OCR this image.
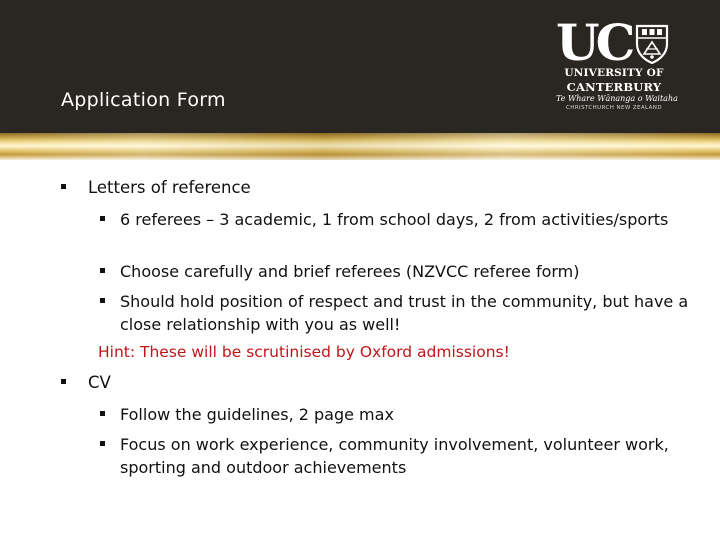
Application Form
UC
UNIVERSITY OF
CANTERBURY
Te Whare Wānanga o Waitaha
CHRISTCHURCH NEW ZEALAND
Letters of reference
6 referees – 3 academic, 1 from school days, 2 from activities/sports
Choose carefully and brief referees (NZVCC referee form)
Should hold position of respect and trust in the community, but have a close relationship with you as well!
Hint: These will be scrutinised by Oxford admissions!
CV
Follow the guidelines, 2 page max
Focus on work experience, community involvement, volunteer work, sporting and outdoor achievements
